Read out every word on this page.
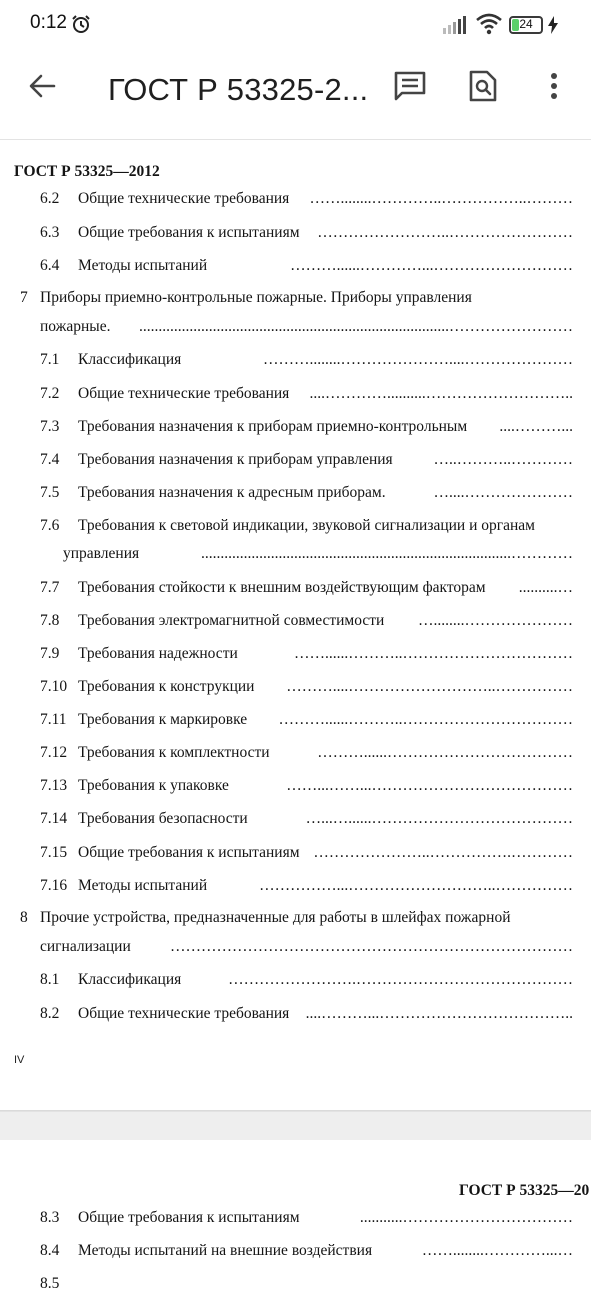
0:12	24
ГОСТ Р 53325-2...
ГОСТ Р 53325—2012
6.2 Общие технические требования	………..……………..…………........……
6.3 Общие требования к испытаниям	……………………..……………………
6.4 Методы испытаний	………………………...…………......………
7 Приборы приемно-контрольные пожарные. Приборы управления
пожарные.	……………………................................................................................
7.1 Классификация	…………………....…………………........………
7.2 Общие технические требования	..………………………..........…………....
7.3 Требования назначения к приборам приемно-контрольным	...………....
7.4 Требования назначения к приборам управления	…………..………..…
7.5 Требования назначения к адресным приборам.	…………………....…
7.6 Требования к световой индикации, звуковой сигнализации и органам
управления	…………................................................................................
7.7 Требования стойкости к внешним воздействующим факторам	…..........
7.8 Требования электромагнитной совместимости	…………………........…
7.9 Требования надежности	……………………………..………......……
7.10 Требования к конструкции	……………..………………………....………
7.11 Требования к маркировке	……………………………..………......………
7.12 Требования к комплектности	………………………………......………
7.13 Требования к упаковке	…………………………………...……...……
7.14 Требования безопасности	…………………………………......…...…
7.15 Общие требования к испытаниям ………….……………..…………………
7.16 Методы испытаний	……………..………………………...……………
8 Прочие устройства, предназначенные для работы в шлейфах пожарной
сигнализации	……………………………………………………………………
8.1 Классификация	…………………………………….……………………
8.2 Общие технические требования	..………………………………...………....
IV
ГОСТ Р 53325—20
8.3 Общие требования к испытаниям	……………………………...........
8.4 Методы испытаний на внешние воздействия	…...…………........……
8.5
